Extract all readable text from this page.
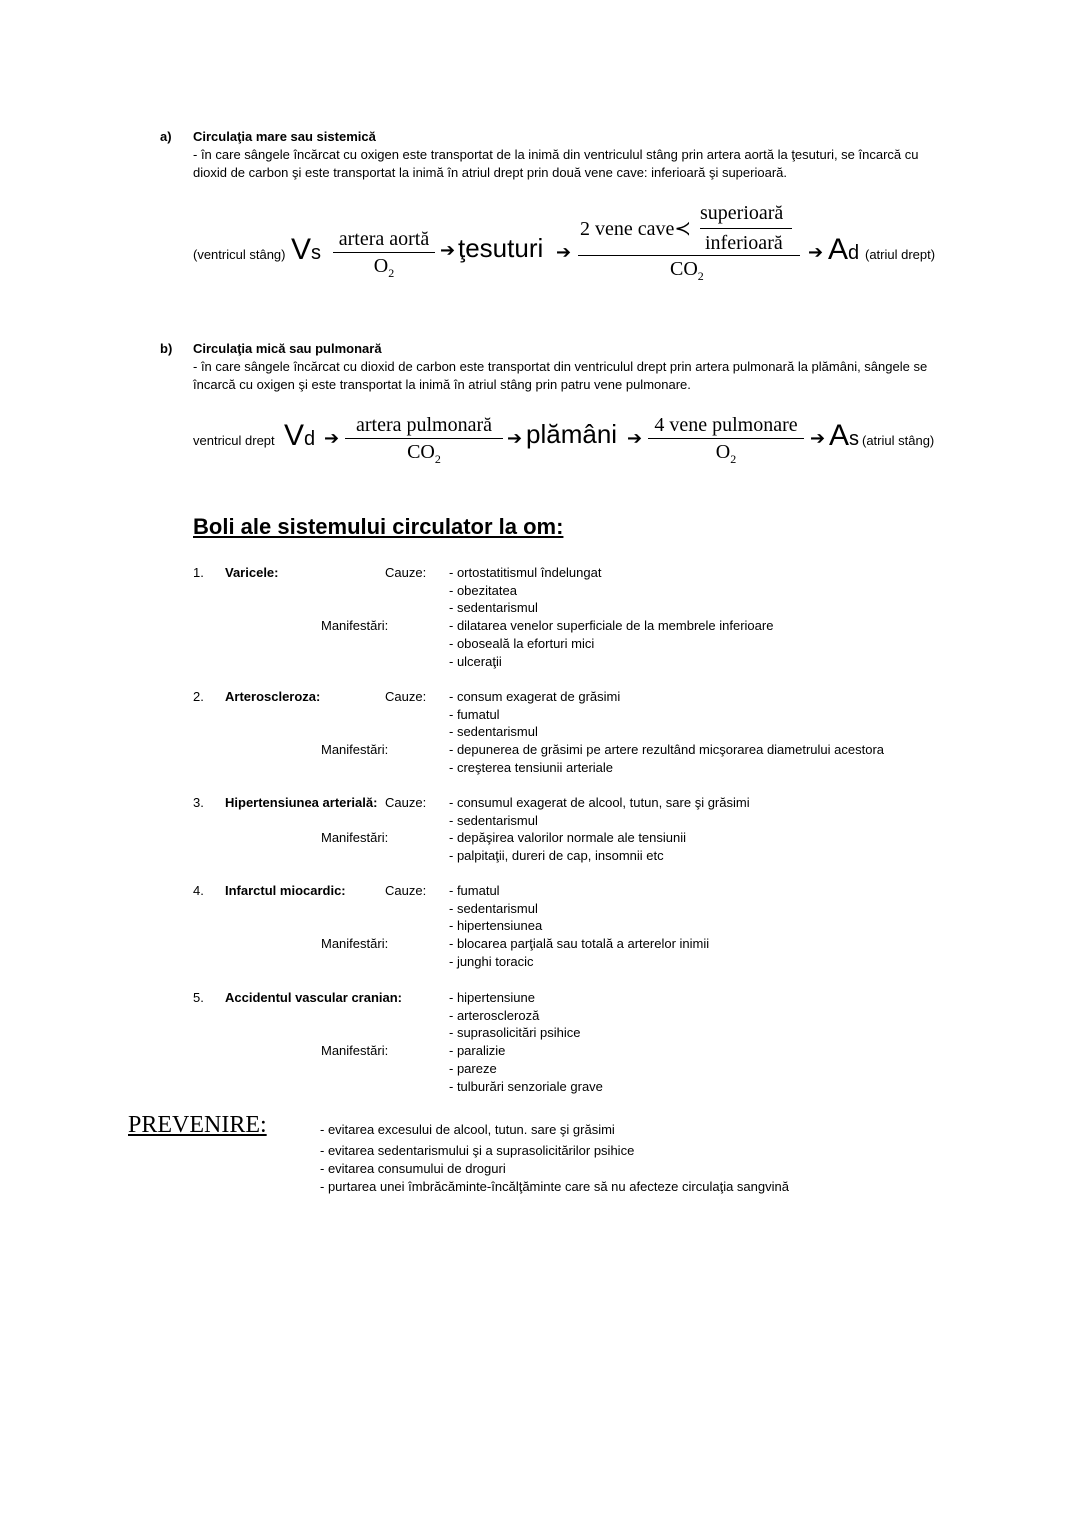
a) Circulaţia mare sau sistemică
- în care sângele încărcat cu oxigen este transportat de la inimă din ventriculul stâng prin artera aortă la ţesuturi, se încarcă cu
dioxid de carbon şi este transportat la inimă în atriul drept prin două vene cave: inferioară şi superioară.
(ventricul stâng) Vs
artera aortă
$O_2$
➔ ţesuturi ➔
2 vene cave≺
superioară
inferioară
$CO_2$
➔ Ad (atriul drept)
b) Circulaţia mică sau pulmonară
- în care sângele încărcat cu dioxid de carbon este transportat din ventriculul drept prin artera pulmonară la plămâni, sângele se
încarcă cu oxigen şi este transportat la inimă în atriul stâng prin patru vene pulmonare.
ventricul drept Vd ➔
artera pulmonară
$CO_2$
➔ plămâni ➔
4 vene pulmonare
$O_2$
➔ As (atriul stâng)
Boli ale sistemului circulator la om:
1. Varicele:	Cauze: - ortostatitismul îndelungat
- obezitatea
- sedentarismul
Manifestări:	- dilatarea venelor superficiale de la membrele inferioare
- oboseală la eforturi mici
- ulceraţii
2. Arteroscleroza:	Cauze: - consum exagerat de grăsimi
- fumatul
- sedentarismul
Manifestări:	- depunerea de grăsimi pe artere rezultând micşorarea diametrului acestora
- creşterea tensiunii arteriale
3. Hipertensiunea arterială: Cauze: - consumul exagerat de alcool, tutun, sare şi grăsimi
- sedentarismul
Manifestări:	- depăşirea valorilor normale ale tensiunii
- palpitaţii, dureri de cap, insomnii etc
4. Infarctul miocardic:	Cauze: - fumatul
- sedentarismul
- hipertensiunea
Manifestări:	- blocarea parţială sau totală a arterelor inimii
- junghi toracic
5. Accidentul vascular cranian:	- hipertensiune
- arteroscleroză
- suprasolicitări psihice
Manifestări:	- paralizie
- pareze
- tulburări senzoriale grave
PREVENIRE:	- evitarea excesului de alcool, tutun. sare şi grăsimi
- evitarea sedentarismului şi a suprasolicitărilor psihice
- evitarea consumului de droguri
- purtarea unei îmbrăcăminte-încălţăminte care să nu afecteze circulaţia sangvină
